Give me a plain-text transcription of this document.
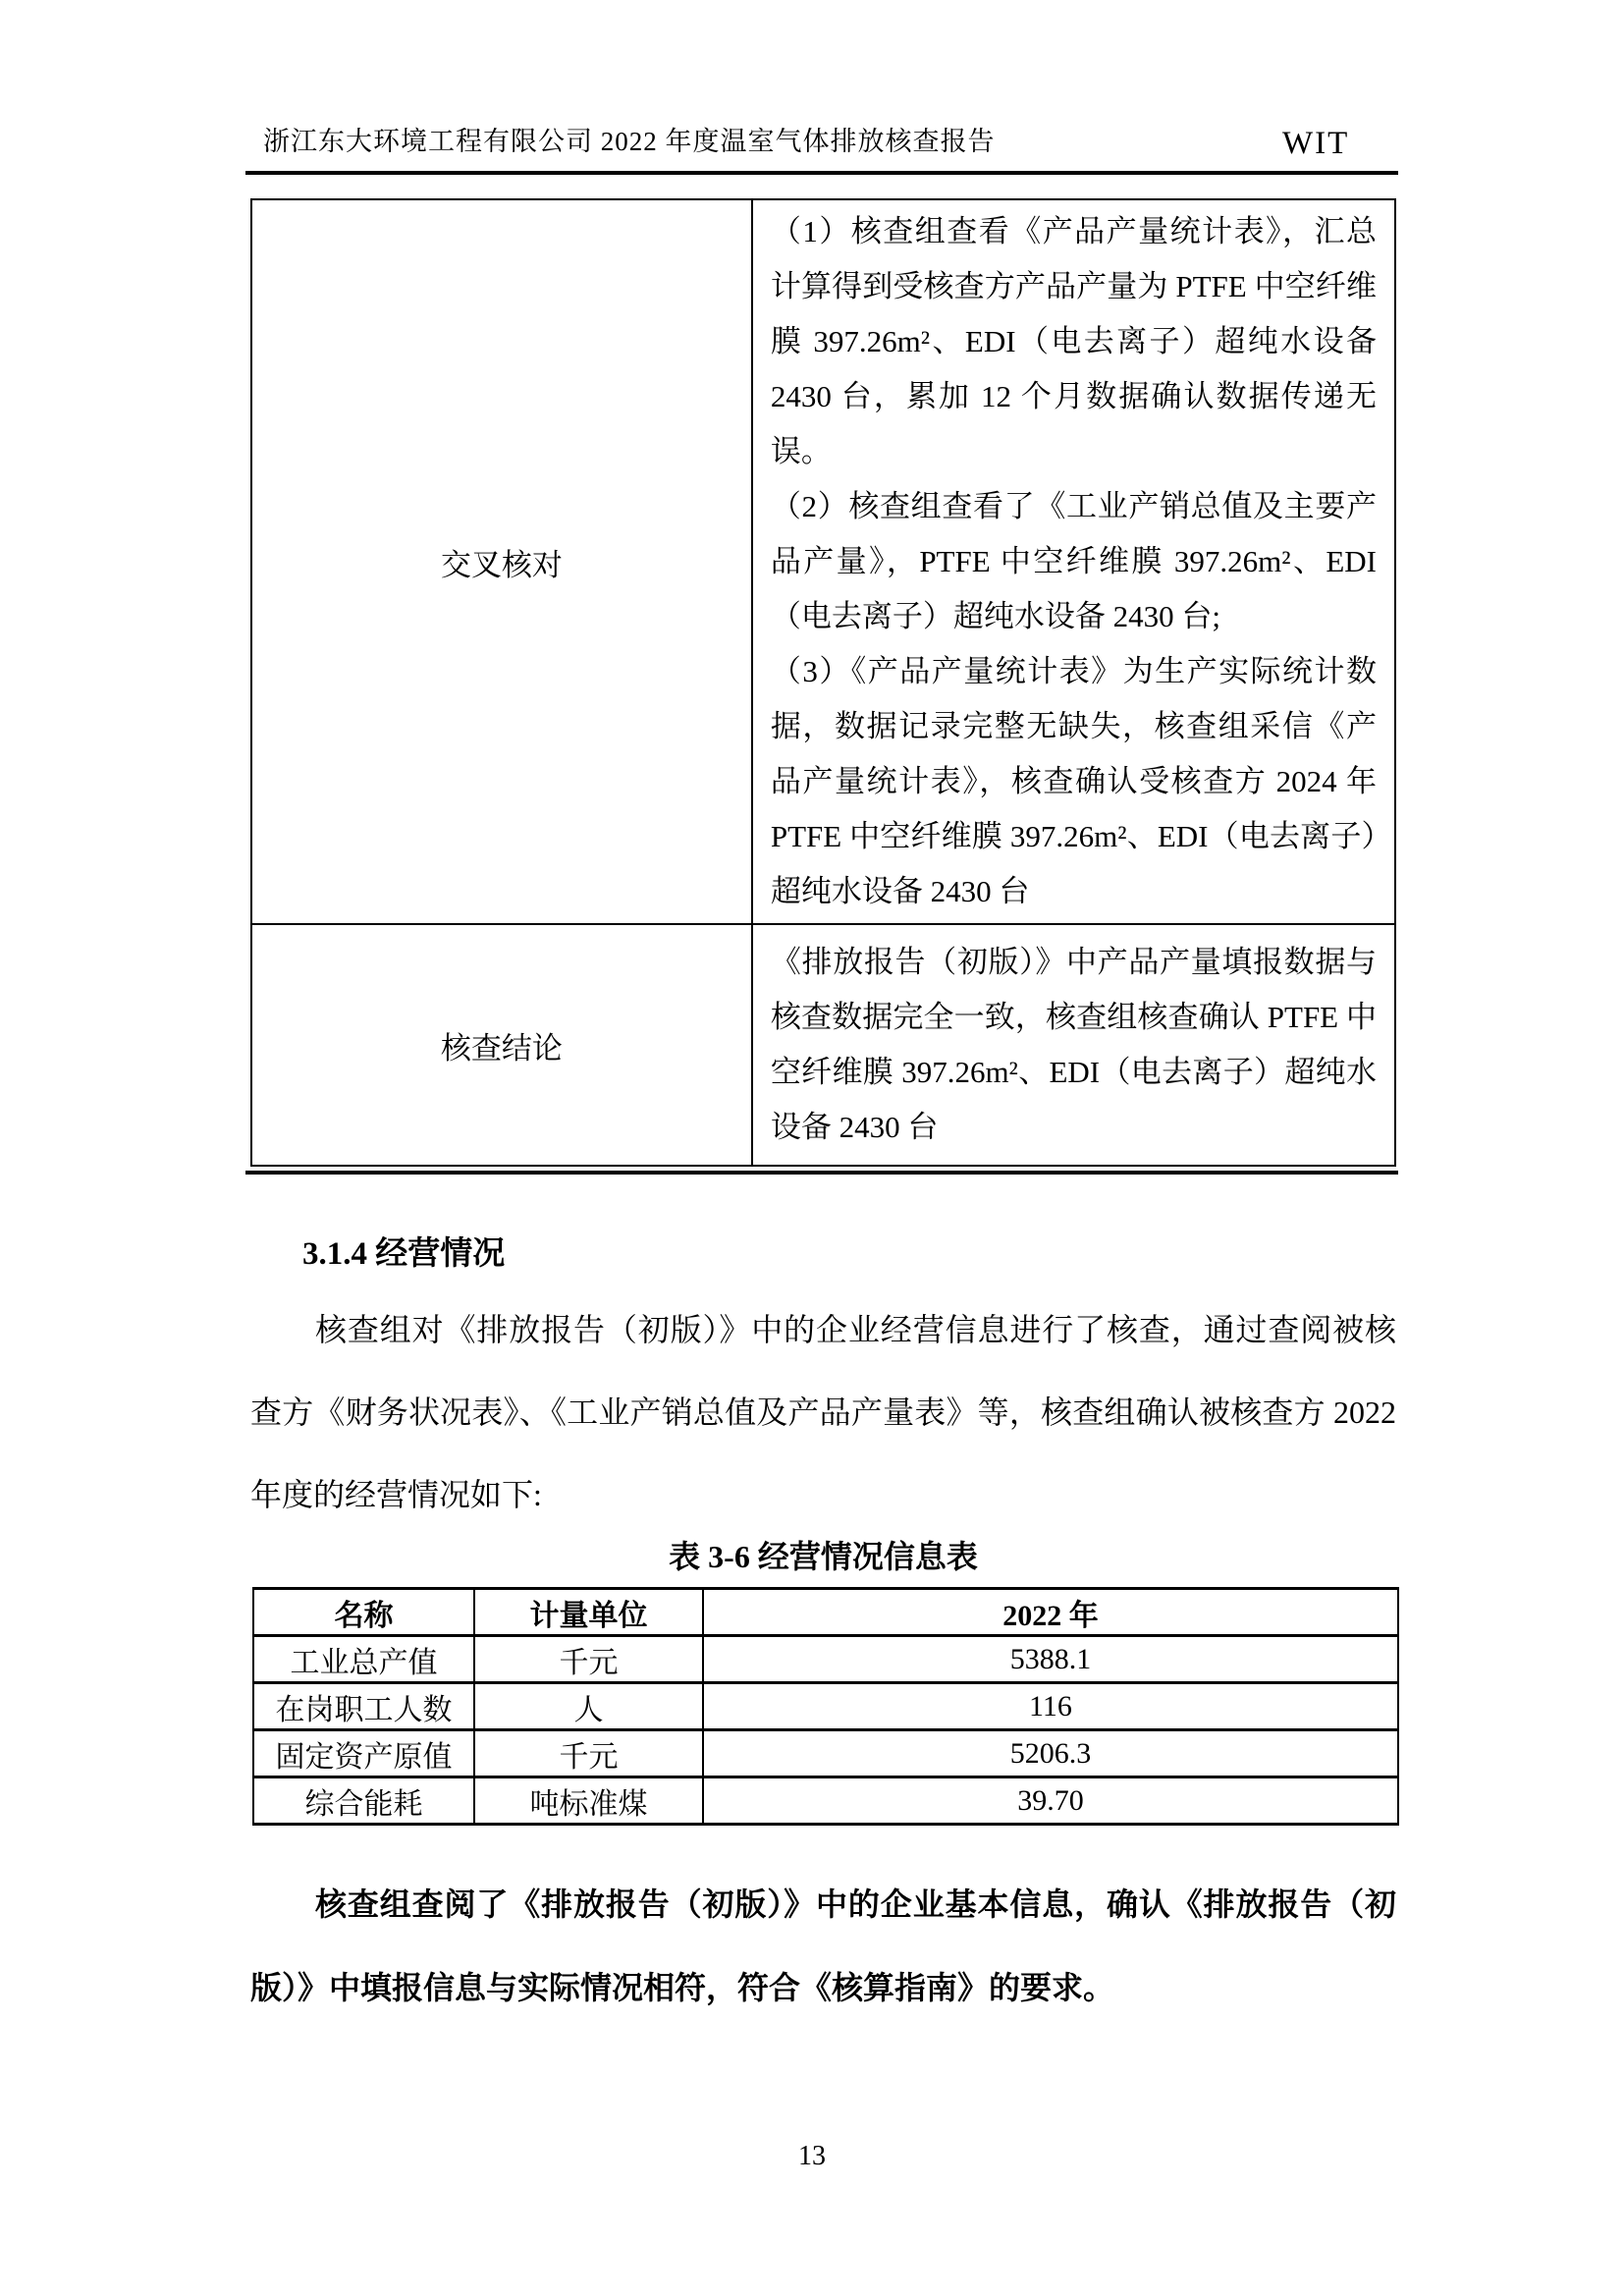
浙江东大环境工程有限公司 2022 年度温室气体排放核查报告	WIT
交叉核对	（1）核查组查看《产品产量统计表》，汇总计算得到受核查方产品产量为 PTFE 中空纤维膜 397.26m²、EDI（电去离子）超纯水设备 2430 台，累加 12 个月数据确认数据传递无误。

（2）核查组查看了《工业产销总值及主要产品产量》，PTFE 中空纤维膜 397.26m²、EDI（电去离子）超纯水设备 2430 台;

（3）《产品产量统计表》为生产实际统计数据，数据记录完整无缺失，核查组采信《产品产量统计表》，核查确认受核查方 2024 年 PTFE 中空纤维膜 397.26m²、EDI（电去离子）超纯水设备 2430 台

核查结论	《排放报告（初版）》中产品产量填报数据与核查数据完全一致，核查组核查确认 PTFE 中空纤维膜 397.26m²、EDI（电去离子）超纯水设备 2430 台

3.1.4 经营情况
核查组对《排放报告（初版）》中的企业经营信息进行了核查，通过查阅被核查方《财务状况表》、《工业产销总值及产品产量表》等，核查组确认被核查方 2022 年度的经营情况如下:
表 3-6 经营情况信息表
名称	计量单位	2022 年
工业总产值	千元	5388.1
在岗职工人数	人	116
固定资产原值	千元	5206.3
综合能耗	吨标准煤	39.70
核查组查阅了《排放报告（初版）》中的企业基本信息，确认《排放报告（初版）》中填报信息与实际情况相符，符合《核算指南》的要求。
13
